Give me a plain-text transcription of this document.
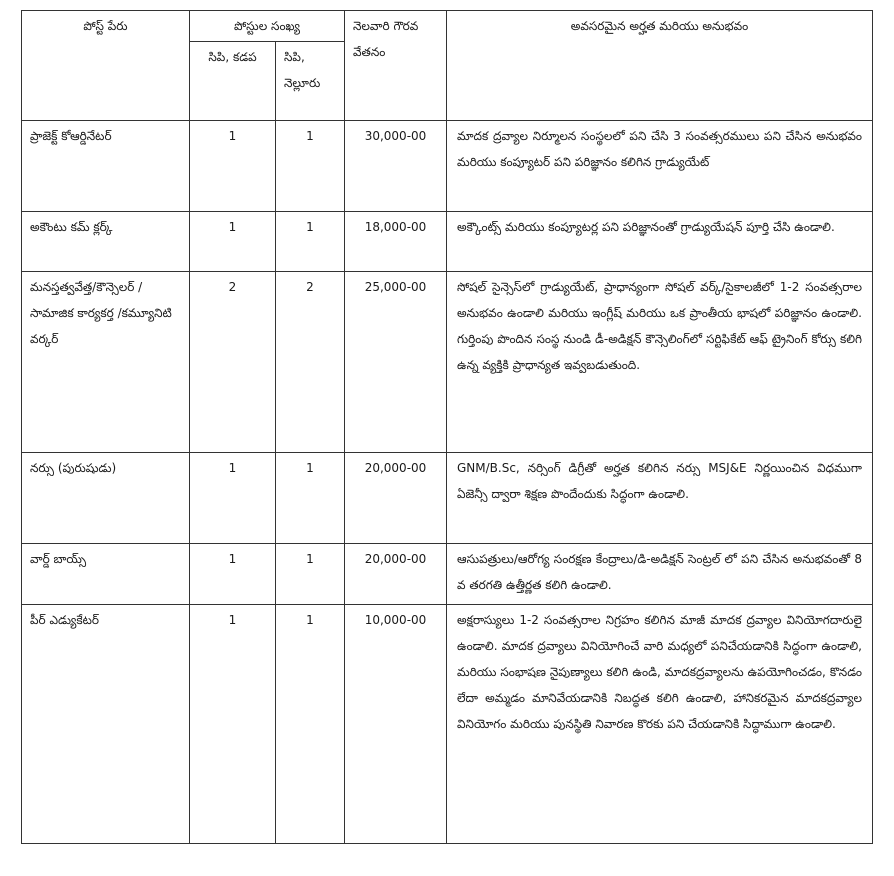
పోస్ట్ పేరు	పోస్టుల సంఖ్య		నెలవారి గౌరవ వేతనం	అవసరమైన అర్హత మరియు అనుభవం
	సిపి, కడప	సిపి, నెల్లూరు		
ప్రాజెక్ట్ కోఆర్డినేటర్	1	1	30,000-00	మాదక ద్రవ్యాల నిర్మూలన సంస్థలలో పని చేసి 3 సంవత్సరములు పని చేసిన అనుభవం మరియు కంప్యూటర్ పని పరిజ్ఞానం కలిగిన గ్రాడ్యుయేట్
అకౌంటు కమ్ క్లర్క్	1	1	18,000-00	అక్కౌంట్స్ మరియు కంప్యూటర్ల పని పరిజ్ఞానంతో గ్రాడ్యుయేషన్ పూర్తి చేసి ఉండాలి.
మనస్తత్వవేత్త/కౌన్సెలర్ /సామాజిక కార్యకర్త /కమ్యూనిటి వర్కర్	2	2	25,000-00	సోషల్ సైన్సెస్‌లో గ్రాడ్యుయేట్, ప్రాధాన్యంగా సోషల్ వర్క్/సైకాలజీలో 1-2 సంవత్సరాల అనుభవం ఉండాలి మరియు ఇంగ్లీష్ మరియు ఒక ప్రాంతీయ భాషలో పరిజ్ఞానం ఉండాలి. గుర్తింపు పొందిన సంస్థ నుండి డీ-అడిక్షన్ కౌన్సెలింగ్‌లో సర్టిఫికేట్ ఆఫ్ ట్రైనింగ్ కోర్సు కలిగి ఉన్న వ్యక్తికి ప్రాధాన్యత ఇవ్వబడుతుంది.
నర్సు (పురుషుడు)	1	1	20,000-00	GNM/B.Sc, నర్సింగ్ డిగ్రీతో అర్హత కలిగిన నర్సు MSJ&E నిర్ణయించిన విధముగా ఏజెన్సీ ద్వారా శిక్షణ పొందేందుకు సిద్ధంగా ఉండాలి.
వార్డ్ బాయ్స్	1	1	20,000-00	ఆసుపత్రులు/ఆరోగ్య సంరక్షణ కేంద్రాలు/డి-అడిక్షన్ సెంట్రల్ లో పని చేసిన అనుభవంతో 8 వ తరగతి ఉత్తీర్ణత కలిగి ఉండాలి.
పీర్ ఎడ్యుకేటర్	1	1	10,000-00	అక్షరాస్యులు 1-2 సంవత్సరాల నిగ్రహం కలిగిన మాజీ మాదక ద్రవ్యాల వినియోగదారులై ఉండాలి. మాదక ద్రవ్యాలు వినియోగించే వారి మధ్యలో పనిచేయడానికి సిద్ధంగా ఉండాలి, మరియు సంభాషణ నైపుణ్యాలు కలిగి ఉండి, మాదకద్రవ్యాలను ఉపయోగించడం, కొనడం లేదా అమ్మడం మానివేయడానికి నిబద్ధత కలిగి ఉండాలి, హానికరమైన మాదకద్రవ్యాల వినియోగం మరియు పునస్థితి నివారణ కొరకు పని చేయడానికి సిద్ధాముగా ఉండాలి.
